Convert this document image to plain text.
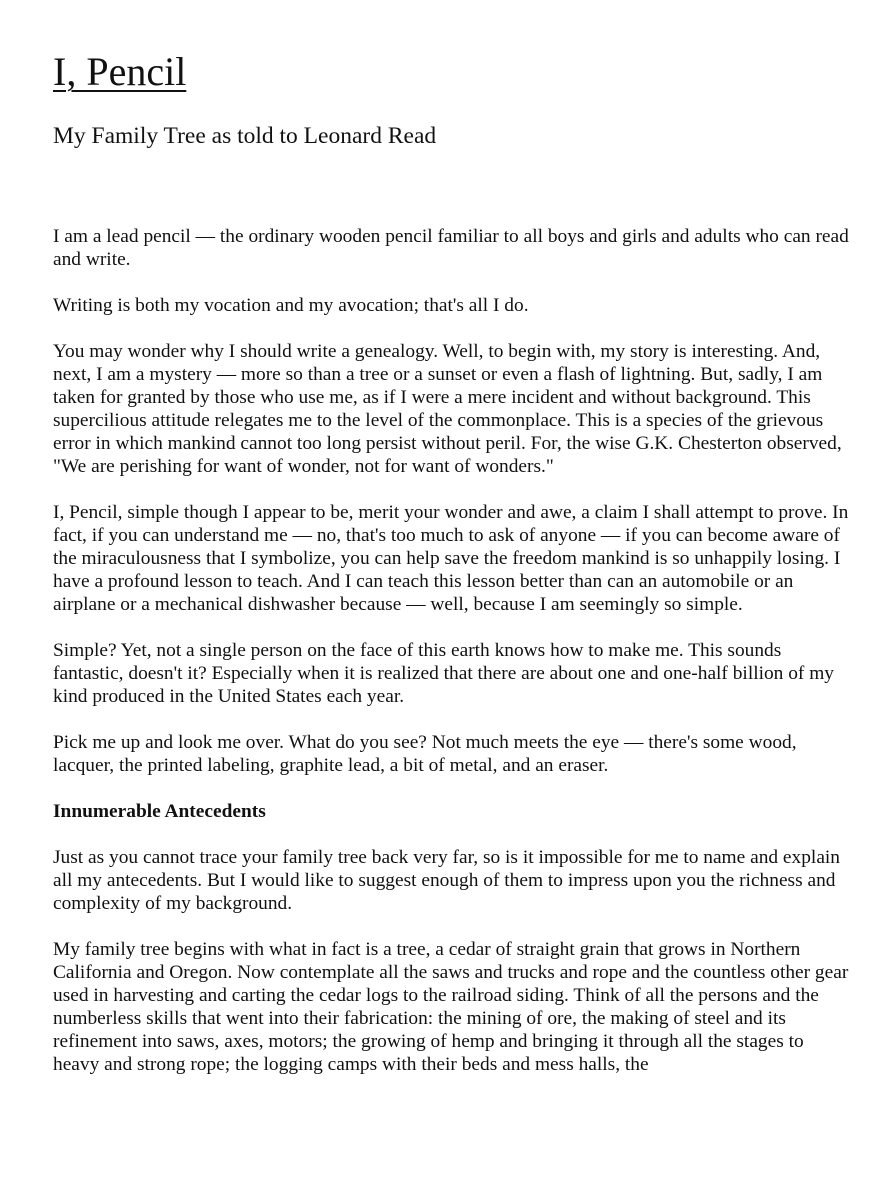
I, Pencil
My Family Tree as told to Leonard Read

I am a lead pencil — the ordinary wooden pencil familiar to all boys and girls and adults who can read and write.

Writing is both my vocation and my avocation; that's all I do.

You may wonder why I should write a genealogy. Well, to begin with, my story is interesting. And, next, I am a mystery — more so than a tree or a sunset or even a flash of lightning. But, sadly, I am taken for granted by those who use me, as if I were a mere incident and without background. This supercilious attitude relegates me to the level of the commonplace. This is a species of the grievous error in which mankind cannot too long persist without peril. For, the wise G.K. Chesterton observed, "We are perishing for want of wonder, not for want of wonders."

I, Pencil, simple though I appear to be, merit your wonder and awe, a claim I shall attempt to prove. In fact, if you can understand me — no, that's too much to ask of anyone — if you can become aware of the miraculousness that I symbolize, you can help save the freedom mankind is so unhappily losing. I have a profound lesson to teach. And I can teach this lesson better than can an automobile or an airplane or a mechanical dishwasher because — well, because I am seemingly so simple.

Simple? Yet, not a single person on the face of this earth knows how to make me. This sounds fantastic, doesn't it? Especially when it is realized that there are about one and one-half billion of my kind produced in the United States each year.

Pick me up and look me over. What do you see? Not much meets the eye — there's some wood, lacquer, the printed labeling, graphite lead, a bit of metal, and an eraser.

Innumerable Antecedents

Just as you cannot trace your family tree back very far, so is it impossible for me to name and explain all my antecedents. But I would like to suggest enough of them to impress upon you the richness and complexity of my background.

My family tree begins with what in fact is a tree, a cedar of straight grain that grows in Northern California and Oregon. Now contemplate all the saws and trucks and rope and the countless other gear used in harvesting and carting the cedar logs to the railroad siding. Think of all the persons and the numberless skills that went into their fabrication: the mining of ore, the making of steel and its refinement into saws, axes, motors; the growing of hemp and bringing it through all the stages to heavy and strong rope; the logging camps with their beds and mess halls, the
